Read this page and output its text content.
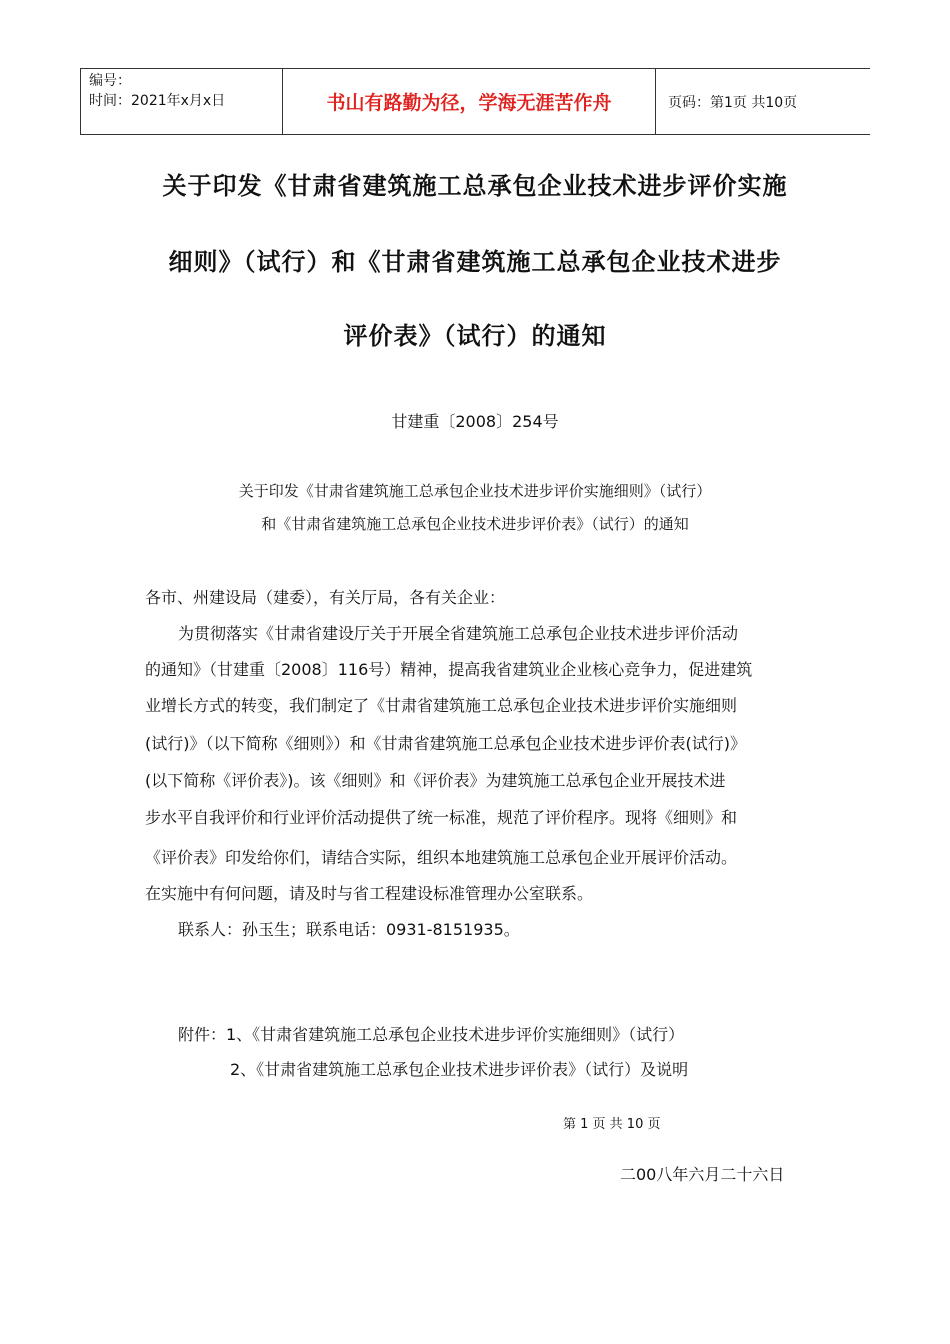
编号：
时间：2021年x月x日	书山有路勤为径，学海无涯苦作舟	页码：第1页 共10页
关于印发《甘肃省建筑施工总承包企业技术进步评价实施
细则》（试行）和《甘肃省建筑施工总承包企业技术进步
评价表》（试行）的通知
甘建重〔2008〕254号
关于印发《甘肃省建筑施工总承包企业技术进步评价实施细则》（试行）
和《甘肃省建筑施工总承包企业技术进步评价表》（试行）的通知
各市、州建设局（建委），有关厅局，各有关企业：
为贯彻落实《甘肃省建设厅关于开展全省建筑施工总承包企业技术进步评价活动
的通知》（甘建重〔2008〕116号）精神，提高我省建筑业企业核心竞争力，促进建筑
业增长方式的转变，我们制定了《甘肃省建筑施工总承包企业技术进步评价实施细则
(试行)》（以下简称《细则》）和《甘肃省建筑施工总承包企业技术进步评价表(试行)》
(以下简称《评价表》)。该《细则》和《评价表》为建筑施工总承包企业开展技术进
步水平自我评价和行业评价活动提供了统一标准，规范了评价程序。现将《细则》和
《评价表》印发给你们，请结合实际，组织本地建筑施工总承包企业开展评价活动。
在实施中有何问题，请及时与省工程建设标准管理办公室联系。
联系人：孙玉生；联系电话：0931-8151935。
附件：1、《甘肃省建筑施工总承包企业技术进步评价实施细则》（试行）
2、《甘肃省建筑施工总承包企业技术进步评价表》（试行）及说明
第 1 页 共 10 页
二00八年六月二十六日
